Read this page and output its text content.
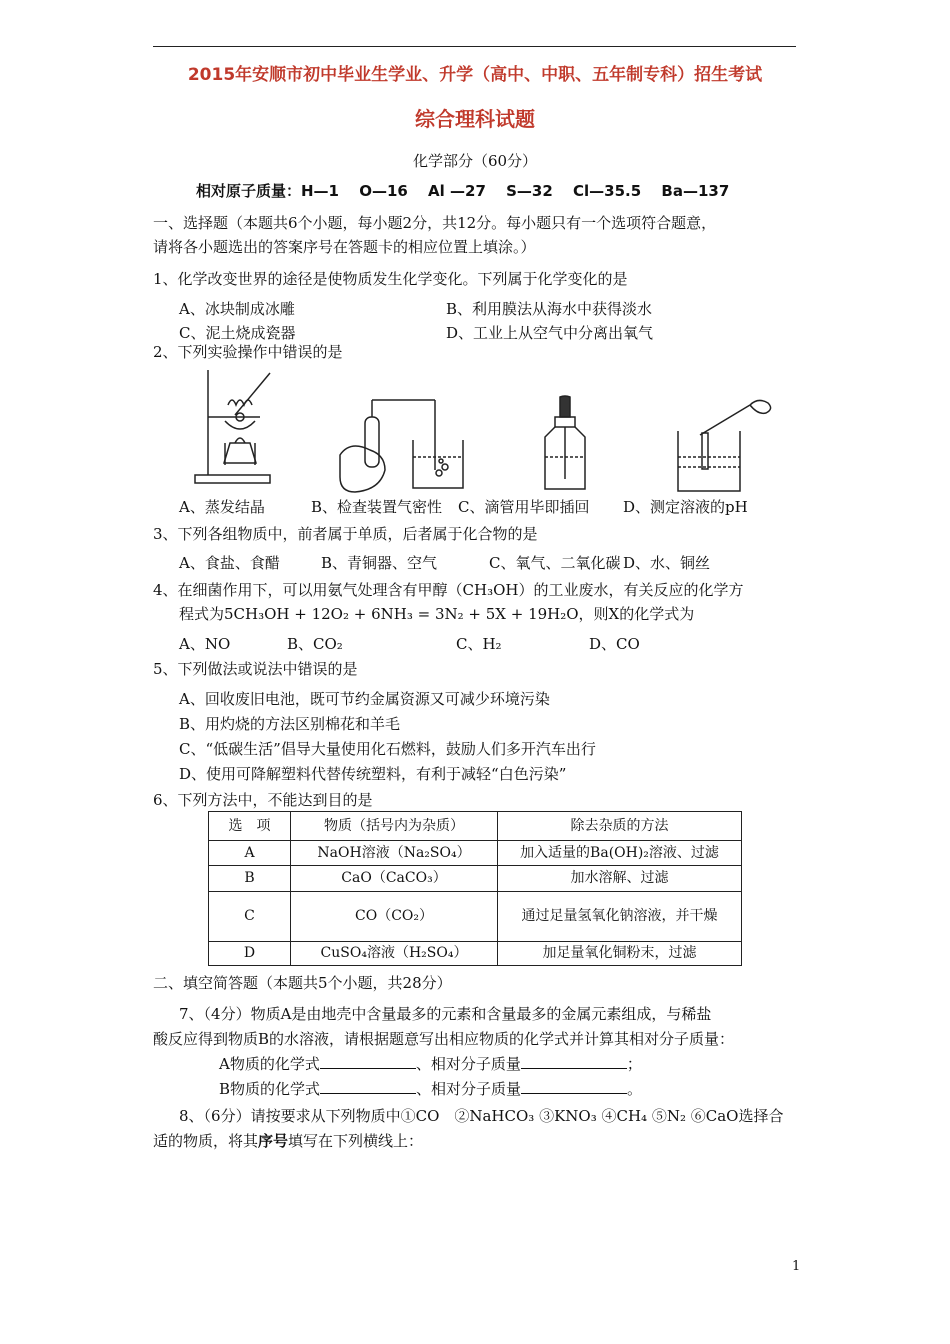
2015年安顺市初中毕业生学业、升学（高中、中职、五年制专科）招生考试
综合理科试题
化学部分（60分）
相对原子质量：H—1　 O—16　 Al —27　 S—32　 Cl—35.5　 Ba—137
一、选择题（本题共6个小题，每小题2分，共12分。每小题只有一个选项符合题意，
请将各小题选出的答案序号在答题卡的相应位置上填涂。）
1、化学改变世界的途径是使物质发生化学变化。下列属于化学变化的是
A、冰块制成冰雕	B、利用膜法从海水中获得淡水
C、泥土烧成瓷器	D、工业上从空气中分离出氧气
2、下列实验操作中错误的是
A、蒸发结晶	B、检查装置气密性 C、滴管用毕即插回 D、测定溶液的pH
3、下列各组物质中，前者属于单质，后者属于化合物的是
A、食盐、食醋	B、青铜器、空气	C、氧气、二氧化碳 D、水、铜丝
4、在细菌作用下，可以用氨气处理含有甲醇（CH₃OH）的工业废水，有关反应的化学方
程式为5CH₃OH + 12O₂ + 6NH₃ = 3N₂ + 5X + 19H₂O，则X的化学式为
A、NO	B、CO₂	C、H₂	D、CO
5、下列做法或说法中错误的是
A、回收废旧电池，既可节约金属资源又可减少环境污染
B、用灼烧的方法区别棉花和羊毛
C、“低碳生活”倡导大量使用化石燃料，鼓励人们多开汽车出行
D、使用可降解塑料代替传统塑料，有利于减轻“白色污染”
6、下列方法中，不能达到目的是
选　项	物质（括号内为杂质）	除去杂质的方法
A	NaOH溶液（Na₂SO₄）	加入适量的Ba(OH)₂溶液、过滤
B	CaO（CaCO₃）	加水溶解、过滤
C	CO（CO₂）	通过足量氢氧化钠溶液，并干燥
D	CuSO₄溶液（H₂SO₄）	加足量氧化铜粉末，过滤
二、填空简答题（本题共5个小题，共28分）
7、（4分）物质A是由地壳中含量最多的元素和含量最多的金属元素组成，与稀盐
酸反应得到物质B的水溶液，请根据题意写出相应物质的化学式并计算其相对分子质量：
A物质的化学式	、相对分子质量	；
B物质的化学式	、相对分子质量	。
8、（6分）请按要求从下列物质中①CO　②NaHCO₃ ③KNO₃ ④CH₄ ⑤N₂ ⑥CaO选择合
适的物质，将其序号填写在下列横线上：
1
